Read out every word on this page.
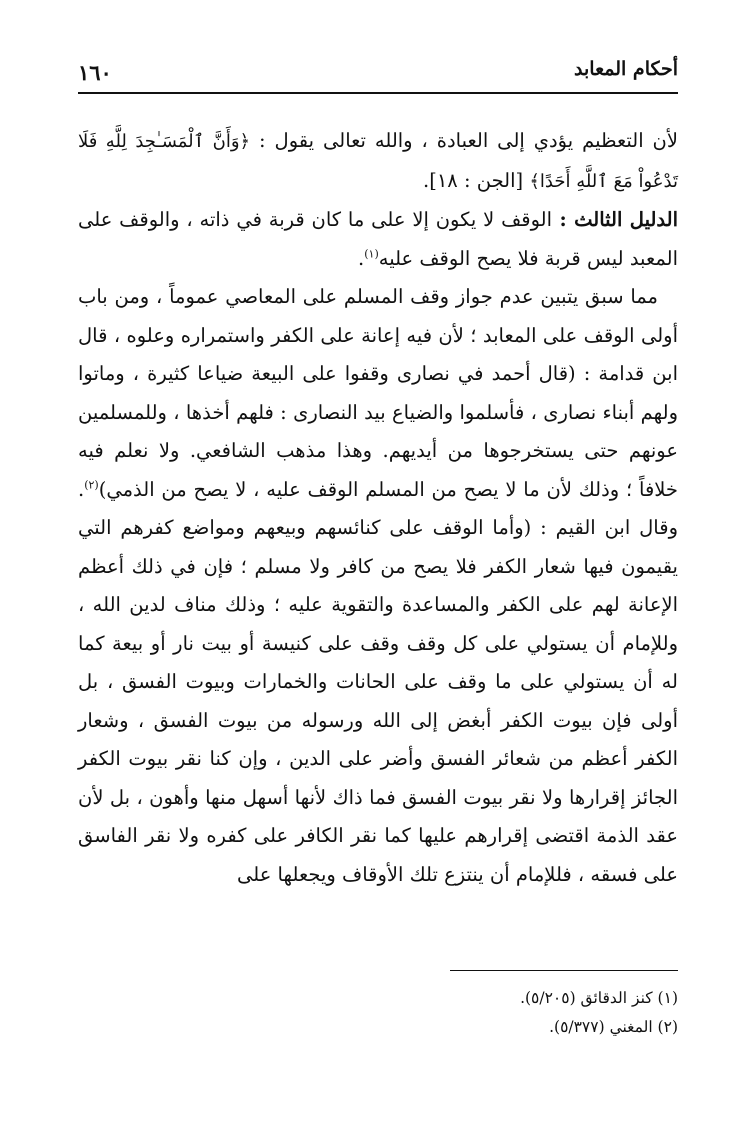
أحكام المعابد
١٦٠

لأن التعظيم يؤدي إلى العبادة ، والله تعالى يقول : ﴿وَأَنَّ ٱلْمَسَـٰجِدَ لِلَّهِ فَلَا تَدْعُواْ مَعَ ٱللَّهِ أَحَدًا﴾ [الجن : ١٨].

الدليل الثالث : الوقف لا يكون إلا على ما كان قربة في ذاته ، والوقف على المعبد ليس قربة فلا يصح الوقف عليه$^{(١)}$.

مما سبق يتبين عدم جواز وقف المسلم على المعاصي عموماً ، ومن باب أولى الوقف على المعابد ؛ لأن فيه إعانة على الكفر واستمراره وعلوه ، قال ابن قدامة : (قال أحمد في نصارى وقفوا على البيعة ضياعا كثيرة ، وماتوا ولهم أبناء نصارى ، فأسلموا والضياع بيد النصارى : فلهم أخذها ، وللمسلمين عونهم حتى يستخرجوها من أيديهم. وهذا مذهب الشافعي. ولا نعلم فيه خلافاً ؛ وذلك لأن ما لا يصح من المسلم الوقف عليه ، لا يصح من الذمي)$^{(٢)}$. وقال ابن القيم : (وأما الوقف على كنائسهم وبيعهم ومواضع كفرهم التي يقيمون فيها شعار الكفر فلا يصح من كافر ولا مسلم ؛ فإن في ذلك أعظم الإعانة لهم على الكفر والمساعدة والتقوية عليه ؛ وذلك مناف لدين الله ، وللإمام أن يستولي على كل وقف وقف على كنيسة أو بيت نار أو بيعة كما له أن يستولي على ما وقف على الحانات والخمارات وبيوت الفسق ، بل أولى فإن بيوت الكفر أبغض إلى الله ورسوله من بيوت الفسق ، وشعار الكفر أعظم من شعائر الفسق وأضر على الدين ، وإن كنا نقر بيوت الكفر الجائز إقرارها ولا نقر بيوت الفسق فما ذاك لأنها أسهل منها وأهون ، بل لأن عقد الذمة اقتضى إقرارهم عليها كما نقر الكافر على كفره ولا نقر الفاسق على فسقه ، فللإمام أن ينتزع تلك الأوقاف ويجعلها على

(١) كنز الدقائق (٥/٢٠٥).

(٢) المغني (٥/٣٧٧).
